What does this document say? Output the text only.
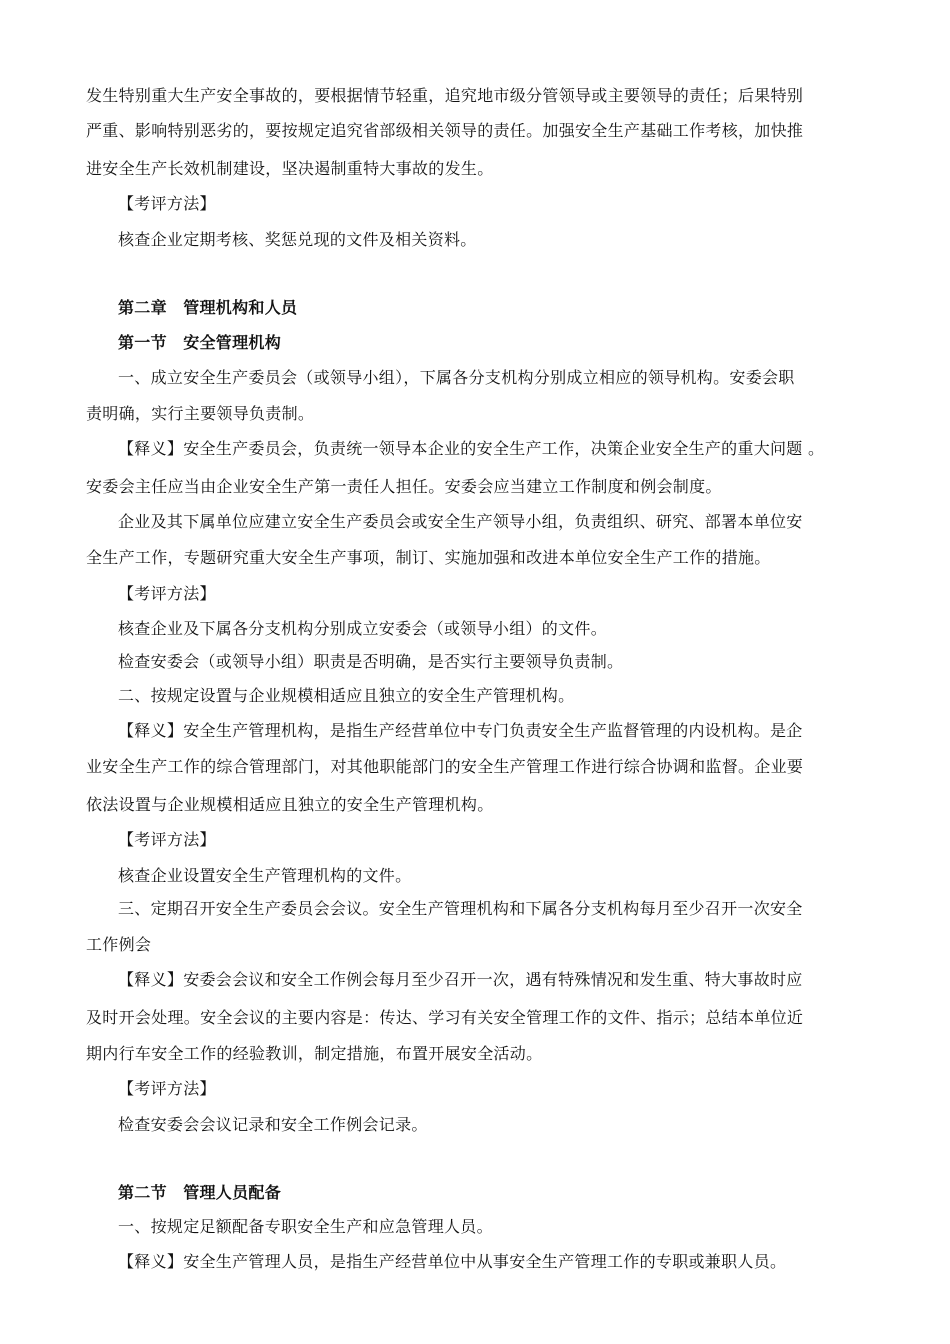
发生特别重大生产安全事故的，要根据情节轻重，追究地市级分管领导或主要领导的责任；后果特别
严重、影响特别恶劣的，要按规定追究省部级相关领导的责任。加强安全生产基础工作考核，加快推
进安全生产长效机制建设，坚决遏制重特大事故的发生。
【考评方法】
核查企业定期考核、奖惩兑现的文件及相关资料。
第二章　管理机构和人员
第一节　安全管理机构
一、成立安全生产委员会（或领导小组），下属各分支机构分别成立相应的领导机构。安委会职
责明确，实行主要领导负责制。
【释义】安全生产委员会，负责统一领导本企业的安全生产工作，决策企业安全生产的重大问题 。
安委会主任应当由企业安全生产第一责任人担任。安委会应当建立工作制度和例会制度。
企业及其下属单位应建立安全生产委员会或安全生产领导小组，负责组织、研究、部署本单位安
全生产工作，专题研究重大安全生产事项，制订、实施加强和改进本单位安全生产工作的措施。
【考评方法】
核查企业及下属各分支机构分别成立安委会（或领导小组）的文件。
检查安委会（或领导小组）职责是否明确，是否实行主要领导负责制。
二、按规定设置与企业规模相适应且独立的安全生产管理机构。
【释义】安全生产管理机构，是指生产经营单位中专门负责安全生产监督管理的内设机构。是企
业安全生产工作的综合管理部门，对其他职能部门的安全生产管理工作进行综合协调和监督。企业要
依法设置与企业规模相适应且独立的安全生产管理机构。
【考评方法】
核查企业设置安全生产管理机构的文件。
三、定期召开安全生产委员会会议。安全生产管理机构和下属各分支机构每月至少召开一次安全
工作例会
【释义】安委会会议和安全工作例会每月至少召开一次，遇有特殊情况和发生重、特大事故时应
及时开会处理。安全会议的主要内容是：传达、学习有关安全管理工作的文件、指示；总结本单位近
期内行车安全工作的经验教训，制定措施，布置开展安全活动。
【考评方法】
检查安委会会议记录和安全工作例会记录。
第二节　管理人员配备
一、按规定足额配备专职安全生产和应急管理人员。
【释义】安全生产管理人员，是指生产经营单位中从事安全生产管理工作的专职或兼职人员。
